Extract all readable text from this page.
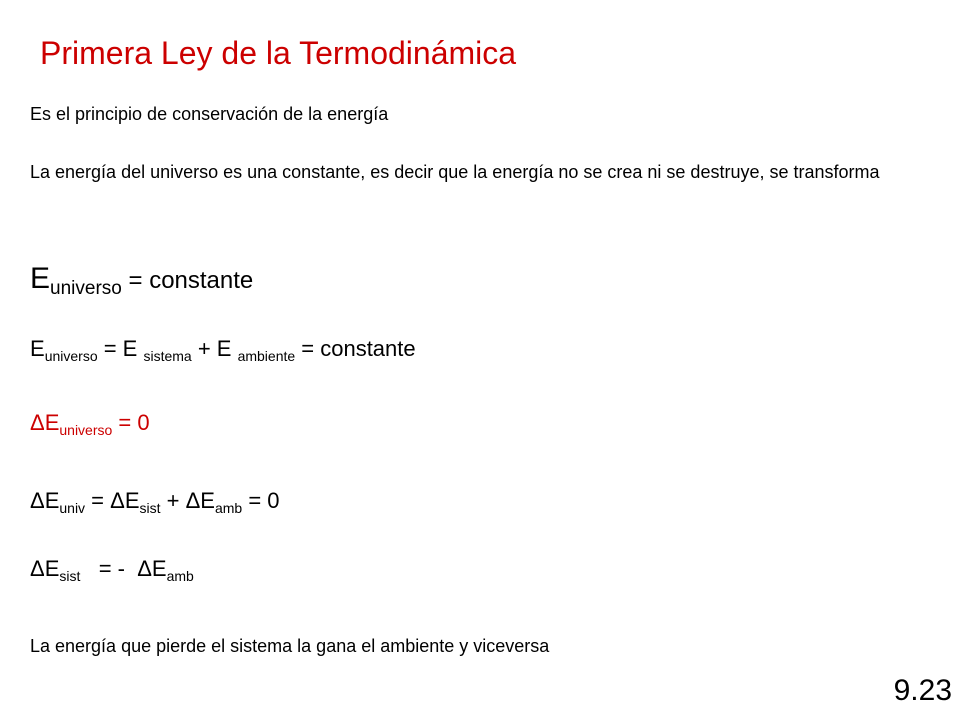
Primera Ley de la Termodinámica
Es el principio de conservación de la energía
La energía del universo es una constante, es decir que la energía no se crea ni se destruye, se transforma
$E_{universo}$ = constante
$E_{universo} = E$ $_{sistema}$ + E $_{ambiente}$ = constante
$\Delta E_{universo} = 0$
$\Delta E_{univ} = \Delta E_{sist} + \Delta E_{amb} = 0$
$\Delta E_{sist}$   = -  $\Delta E_{amb}$
La energía que pierde el sistema la gana el ambiente y viceversa
9.23
